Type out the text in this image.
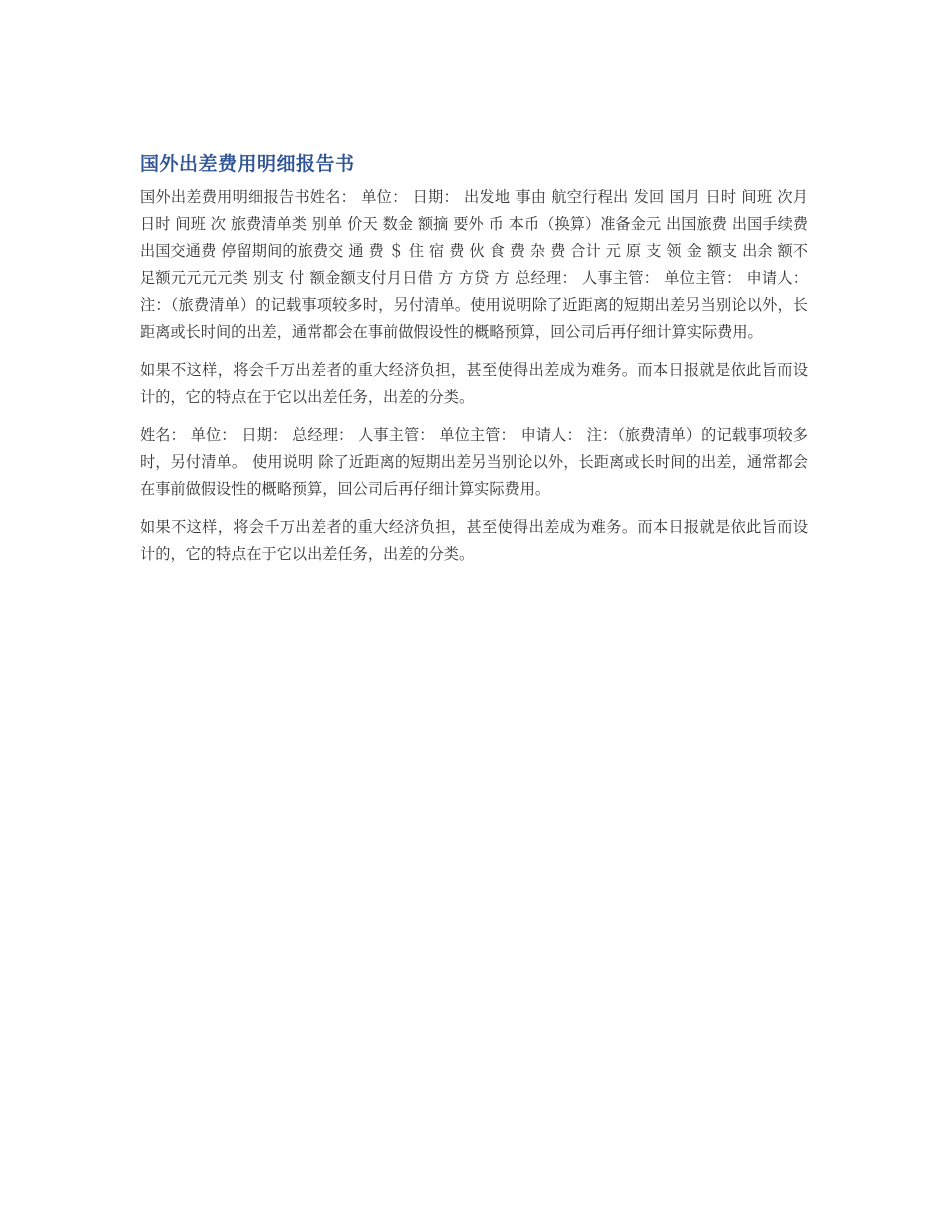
国外出差费用明细报告书

国外出差费用明细报告书姓名： 单位： 日期： 出发地 事由 航空行程出 发回 国月 日时 间班 次月 日时 间班 次 旅费清单类 别单 价天 数金 额摘 要外 币 本币（换算）准备金元 出国旅费 出国手续费 出国交通费 停留期间的旅费交 通 费 ＄ 住 宿 费 伙 食 费 杂 费 合计 元 原 支 领 金 额支 出余 额不 足额元元元元类 别支 付 额金额支付月日借 方 方贷 方 总经理： 人事主管： 单位主管： 申请人：注：（旅费清单）的记载事项较多时，另付清单。使用说明除了近距离的短期出差另当别论以外，长距离或长时间的出差，通常都会在事前做假设性的概略预算，回公司后再仔细计算实际费用。

如果不这样，将会千万出差者的重大经济负担，甚至使得出差成为难务。而本日报就是依此旨而设计的，它的特点在于它以出差任务，出差的分类。

姓名： 单位： 日期： 总经理： 人事主管： 单位主管： 申请人： 注：（旅费清单）的记载事项较多时，另付清单。 使用说明 除了近距离的短期出差另当别论以外，长距离或长时间的出差，通常都会在事前做假设性的概略预算，回公司后再仔细计算实际费用。

如果不这样，将会千万出差者的重大经济负担，甚至使得出差成为难务。而本日报就是依此旨而设计的，它的特点在于它以出差任务，出差的分类。
